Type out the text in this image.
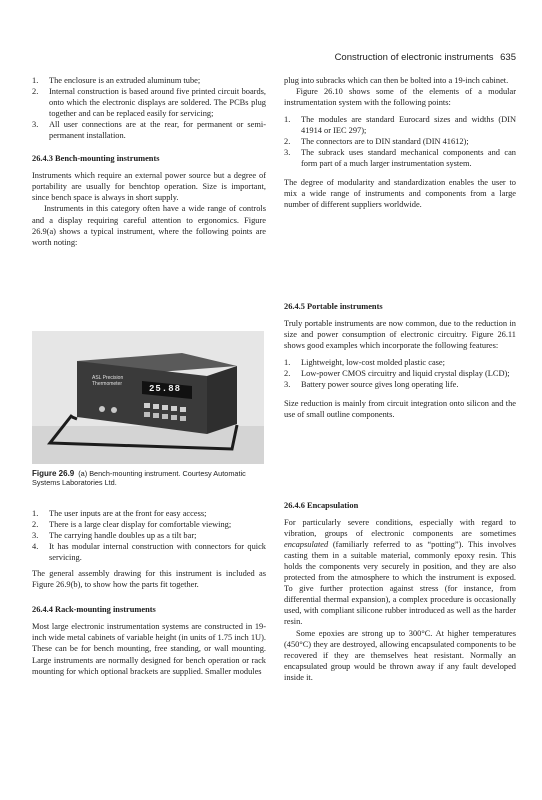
Construction of electronic instruments 635
1. The enclosure is an extruded aluminum tube;
2. Internal construction is based around five printed circuit boards, onto which the electronic displays are soldered. The PCBs plug together and can be replaced easily for servicing;
3. All user connections are at the rear, for permanent or semi-permanent installation.

26.4.3 Bench-mounting instruments

Instruments which require an external power source but a degree of portability are usually for benchtop operation. Size is important, since bench space is always in short supply.

Instruments in this category often have a wide range of controls and a display requiring careful attention to ergonomics. Figure 26.9(a) shows a typical instrument, where the following points are worth noting:

ASL Precision Thermometer	25.88
Figure 26.9 (a) Bench-mounting instrument. Courtesy Automatic Systems Laboratories Ltd.
1. The user inputs are at the front for easy access;
2. There is a large clear display for comfortable viewing;
3. The carrying handle doubles up as a tilt bar;
4. It has modular internal construction with connectors for quick servicing.

The general assembly drawing for this instrument is included as Figure 26.9(b), to show how the parts fit together.

26.4.4 Rack-mounting instruments

Most large electronic instrumentation systems are constructed in 19-inch wide metal cabinets of variable height (in units of 1.75 inch 1U). These can be for bench mounting, free standing, or wall mounting. Large instruments are normally designed for bench operation or rack mounting for which optional brackets are supplied. Smaller modules

plug into subracks which can then be bolted into a 19-inch cabinet.

Figure 26.10 shows some of the elements of a modular instrumentation system with the following points:

1. The modules are standard Eurocard sizes and widths (DIN 41914 or IEC 297);
2. The connectors are to DIN standard (DIN 41612);
3. The subrack uses standard mechanical components and can form part of a much larger instrumentation system.

The degree of modularity and standardization enables the user to mix a wide range of instruments and components from a large number of different suppliers worldwide.

26.4.5 Portable instruments

Truly portable instruments are now common, due to the reduction in size and power consumption of electronic circuitry. Figure 26.11 shows good examples which incorporate the following features:

1. Lightweight, low-cost molded plastic case;
2. Low-power CMOS circuitry and liquid crystal display (LCD);
3. Battery power source gives long operating life.

Size reduction is mainly from circuit integration onto silicon and the use of small outline components.

26.4.6 Encapsulation

For particularly severe conditions, especially with regard to vibration, groups of electronic components are sometimes encapsulated (familiarly referred to as “potting”). This involves casting them in a suitable material, commonly epoxy resin. This holds the components very securely in position, and they are also protected from the atmosphere to which the instrument is exposed. To give further protection against stress (for instance, from differential thermal expansion), a complex procedure is occasionally used, with compliant silicone rubber introduced as well as the harder resin.

Some epoxies are strong up to 300°C. At higher temperatures (450°C) they are destroyed, allowing encapsulated components to be recovered if they are themselves heat resistant. Normally an encapsulated group would be thrown away if any fault developed inside it.
